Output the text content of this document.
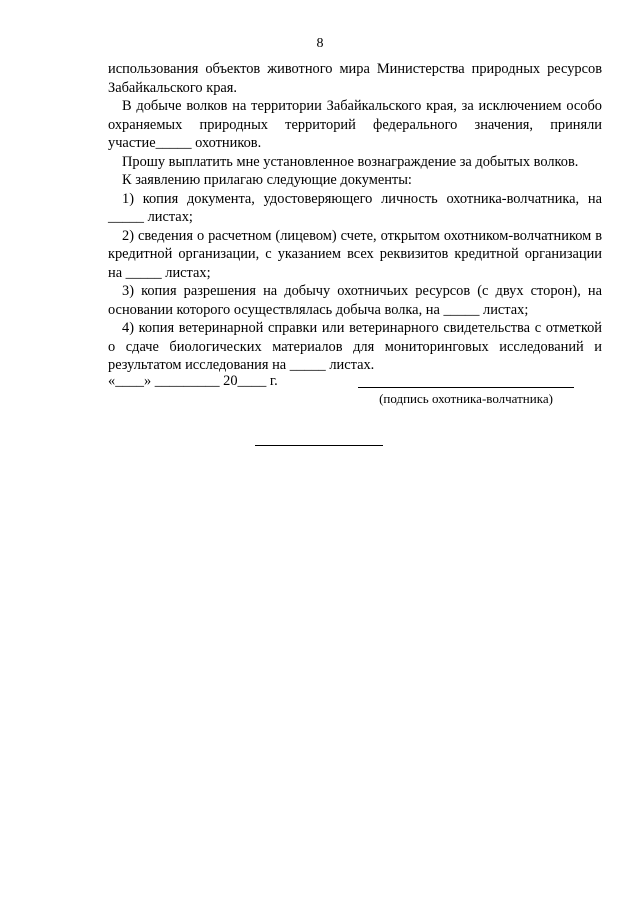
8

использования объектов животного мира Министерства природных ресурсов Забайкальского края.

В добыче волков на территории Забайкальского края, за исключением особо охраняемых природных территорий федерального значения, приняли участие_____ охотников.

Прошу выплатить мне установленное вознаграждение за добытых волков.

К заявлению прилагаю следующие документы:

1) копия документа, удостоверяющего личность охотника-волчатника, на _____ листах;

2) сведения о расчетном (лицевом) счете, открытом охотником-волчатником в кредитной организации, с указанием всех реквизитов кредитной организации на _____ листах;

3) копия разрешения на добычу охотничьих ресурсов (с двух сторон), на основании которого осуществлялась добыча волка, на _____ листах;

4) копия ветеринарной справки или ветеринарного свидетельства с отметкой о сдаче биологических материалов для мониторинговых исследований и результатом исследования на _____ листах.

«____» _________ 20____ г.
(подпись охотника-волчатника)
